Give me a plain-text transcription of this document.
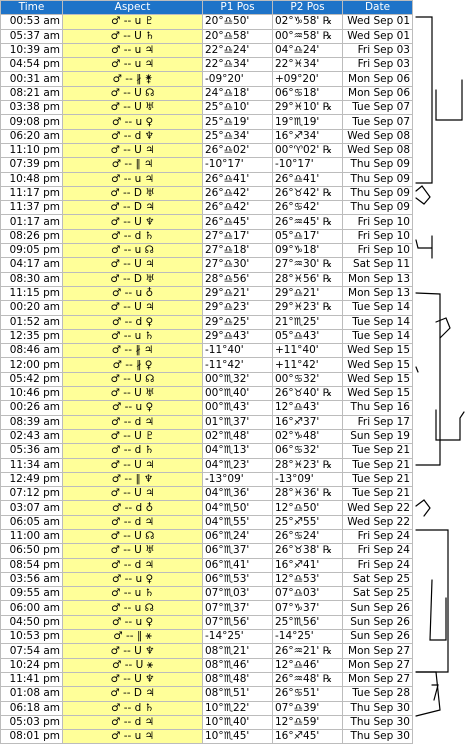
Time	Aspect	P1 Pos	P2 Pos	Date
00:53 am	♂ -- u ♇	20°♎50'	02°♑58' ℞	Wed Sep 01
05:37 am	♂ -- U ♄	20°♎58'	00°♒58' ℞	Wed Sep 01
10:39 am	♂ -- u ♃	22°♎24'	04°♎24'	Fri Sep 03
04:54 pm	♂ -- u ♃	22°♎34'	22°♓34'	Fri Sep 03
00:31 am	♂ -- ∦ ⚵	-09°20'	+09°20'	Mon Sep 06
08:21 am	♂ -- U ☊	24°♎18'	06°♋18'	Mon Sep 06
03:38 pm	♂ -- U ♅	25°♎10'	29°♓10' ℞	Tue Sep 07
09:08 pm	♂ -- u ♀	25°♎19'	19°♏19'	Tue Sep 07
06:20 am	♂ -- d ♆	25°♎34'	16°♐34'	Wed Sep 08
11:10 pm	♂ -- U ♃	26°♎02'	00°♈02' ℞	Wed Sep 08
07:39 pm	♂ -- ∥ ♃	-10°17'	-10°17'	Thu Sep 09
10:48 pm	♂ -- u ♃	26°♎41'	26°♎41'	Thu Sep 09
11:17 pm	♂ -- D ♅	26°♎42'	26°♉42' ℞	Thu Sep 09
11:37 pm	♂ -- D ♃	26°♎42'	26°♋42'	Thu Sep 09
01:17 am	♂ -- U ♆	26°♎45'	26°♒45' ℞	Fri Sep 10
08:26 pm	♂ -- d ♄	27°♎17'	05°♎17'	Fri Sep 10
09:05 pm	♂ -- u ☊	27°♎18'	09°♑18'	Fri Sep 10
04:17 am	♂ -- U ♃	27°♎30'	27°♒30' ℞	Sat Sep 11
08:30 am	♂ -- D ♅	28°♎56'	28°♓56' ℞	Mon Sep 13
11:15 pm	♂ -- u ♁	29°♎21'	29°♎21'	Mon Sep 13
00:20 am	♂ -- U ♃	29°♎23'	29°♓23' ℞	Tue Sep 14
01:52 am	♂ -- d ♀	29°♎25'	21°♏25'	Tue Sep 14
12:35 pm	♂ -- u ♄	29°♎43'	05°♎43'	Tue Sep 14
08:46 am	♂ -- ∦ ♃	-11°40'	+11°40'	Wed Sep 15
12:00 pm	♂ -- ∦ ♀	-11°42'	+11°42'	Wed Sep 15
05:42 pm	♂ -- U ☊	00°♏32'	00°♋32'	Wed Sep 15
10:46 pm	♂ -- U ♅	00°♏40'	26°♉40' ℞	Wed Sep 15
00:26 am	♂ -- u ♀	00°♏43'	12°♎43'	Thu Sep 16
08:39 am	♂ -- d ♃	01°♏37'	16°♐37'	Fri Sep 17
02:43 am	♂ -- U ♇	02°♏48'	02°♑48'	Sun Sep 19
05:36 am	♂ -- d ♄	04°♏13'	06°♋32'	Tue Sep 21
11:34 am	♂ -- U ♃	04°♏23'	28°♓23' ℞	Tue Sep 21
12:49 pm	♂ -- ∥ ♆	-13°09'	-13°09'	Tue Sep 21
07:12 pm	♂ -- U ♃	04°♏36'	28°♓36' ℞	Tue Sep 21
03:07 am	♂ -- d ♁	04°♏50'	12°♎50'	Wed Sep 22
06:05 am	♂ -- d ♃	04°♏55'	25°♐55'	Wed Sep 22
11:00 am	♂ -- U ☊	06°♏24'	26°♋24'	Fri Sep 24
06:50 pm	♂ -- U ♅	06°♏37'	26°♉38' ℞	Fri Sep 24
08:54 pm	♂ -- d ♃	06°♏41'	16°♐41'	Fri Sep 24
03:56 am	♂ -- u ♀	06°♏53'	12°♎53'	Sat Sep 25
09:55 am	♂ -- u ♄	07°♏03'	07°♎03'	Sat Sep 25
06:00 am	♂ -- u ☊	07°♏37'	07°♑37'	Sun Sep 26
04:50 pm	♂ -- u ♀	07°♏56'	25°♏56'	Sun Sep 26
10:53 pm	♂ -- ∥ ⚹	-14°25'	-14°25'	Sun Sep 26
07:54 am	♂ -- U ♆	08°♏21'	26°♒21' ℞	Mon Sep 27
10:24 pm	♂ -- U ⚹	08°♏46'	12°♎46'	Mon Sep 27
11:41 pm	♂ -- U ♆	08°♏48'	26°♒48' ℞	Mon Sep 27
01:08 am	♂ -- D ♃	08°♏51'	26°♋51'	Tue Sep 28
06:18 am	♂ -- d ♄	10°♏22'	07°♎39'	Thu Sep 30
05:03 pm	♂ -- d ♃	10°♏40'	12°♎59'	Thu Sep 30
08:01 pm	♂ -- u ♃	10°♏45'	16°♐45'	Thu Sep 30
